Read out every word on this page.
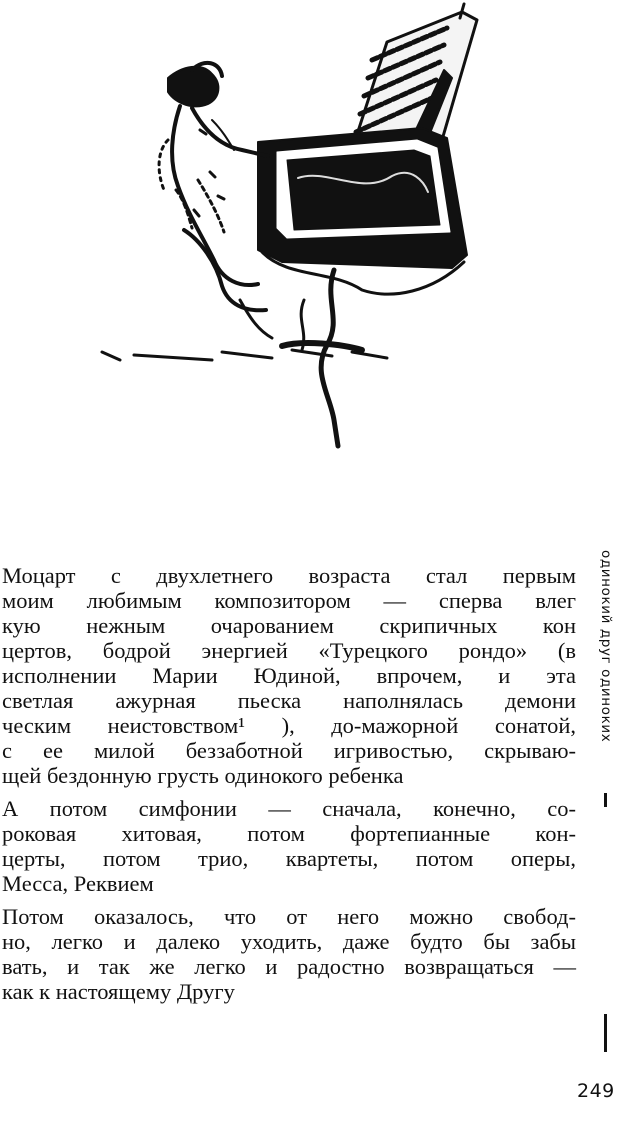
Моцарт с двухлетнего возраста стал первым
моим любимым композитором — сперва влег
кую нежным очарованием скрипичных кон
цертов, бодрой энергией «Турецкого рондо» (в
исполнении Марии Юдиной, впрочем, и эта
светлая ажурная пьеска наполнялась демони
ческим неистовством¹ ), до-мажорной сонатой,
с ее милой беззаботной игривостью, скрываю-
щей бездонную грусть одинокого ребенка
А потом симфонии — сначала, конечно, со-
роковая хитовая, потом фортепианные кон-
церты, потом трио, квартеты, потом оперы,
Месса, Реквием
Потом оказалось, что от него можно свобод-
но, легко и далеко уходить, даже будто бы забы
вать, и так же легко и радостно возвращаться —
как к настоящему Другу
одинокий друг одиноких
249
